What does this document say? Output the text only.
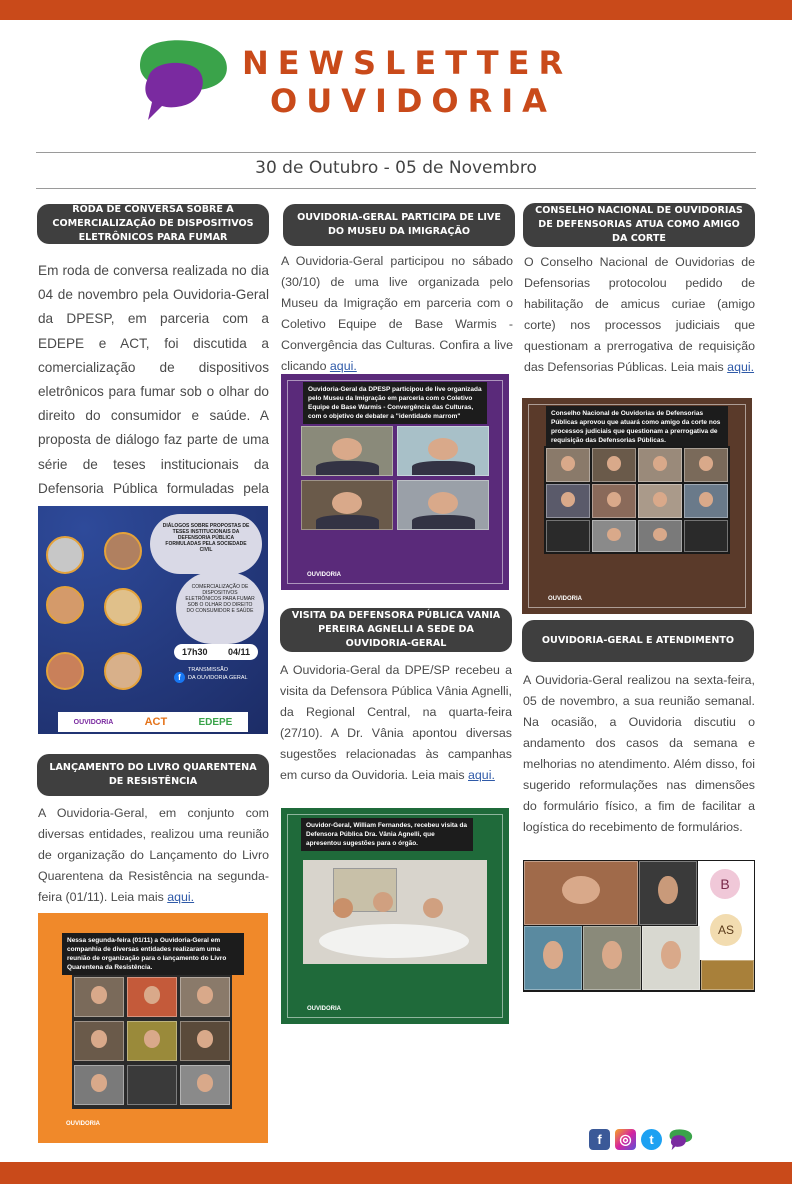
NEWSLETTER
OUVIDORIA
30 de Outubro - 05 de Novembro
RODA DE CONVERSA SOBRE A COMERCIALIZAÇÃO DE DISPOSITIVOS ELETRÔNICOS PARA FUMAR
Em roda de conversa realizada no dia 04 de novembro pela Ouvidoria-Geral da DPESP, em parceria com a EDEPE e ACT, foi discutida a comercialização de dispositivos eletrônicos para fumar sob o olhar do direito do consumidor e saúde. A proposta de diálogo faz parte de uma série de teses institucionais da Defensoria Pública formuladas pela
DIÁLOGOS SOBRE PROPOSTAS DE TESES INSTITUCIONAIS DA DEFENSORIA PÚBLICA FORMULADAS PELA SOCIEDADE CIVIL
COMERCIALIZAÇÃO DE DISPOSITIVOS ELETRÔNICOS PARA FUMAR SOB O OLHAR DO DIREITO DO CONSUMIDOR E SAÚDE
17h30 04/11
f
TRANSMISSÃO
DA OUVIDORIA GERAL
OUVIDORIA	ACT	EDEPE
LANÇAMENTO DO LIVRO QUARENTENA DE RESISTÊNCIA
A Ouvidoria-Geral, em conjunto com diversas entidades, realizou uma reunião de organização do Lançamento do Livro Quarentena da Resistência na segunda-feira (01/11). Leia mais aqui.
Nessa segunda-feira (01/11) a Ouvidoria-Geral em companhia de diversas entidades realizaram uma reunião de organização para o lançamento do Livro Quarentena da Resistência.
OUVIDORIA
OUVIDORIA-GERAL PARTICIPA DE LIVE DO MUSEU DA IMIGRAÇÃO
A Ouvidoria-Geral participou no sábado (30/10) de uma live organizada pelo Museu da Imigração em parceria com o Coletivo Equipe de Base Warmis - Convergência das Culturas. Confira a live clicando aqui.
Ouvidoria-Geral da DPESP participou de live organizada pelo Museu da Imigração em parceria com o Coletivo Equipe de Base Warmis - Convergência das Culturas, com o objetivo de debater a "identidade marrom"
OUVIDORIA
VISITA DA DEFENSORA PÚBLICA VANIA PEREIRA AGNELLI A SEDE DA OUVIDORIA-GERAL
A Ouvidoria-Geral da DPE/SP recebeu a visita da Defensora Pública Vânia Agnelli, da Regional Central, na quarta-feira (27/10). A Dr. Vânia apontou diversas sugestões relacionadas às campanhas em curso da Ouvidoria. Leia mais aqui.
Ouvidor-Geral, William Fernandes, recebeu visita da Defensora Pública Dra. Vânia Agnelli, que apresentou sugestões para o órgão.
OUVIDORIA
CONSELHO NACIONAL DE OUVIDORIAS DE DEFENSORIAS ATUA COMO AMIGO DA CORTE
O Conselho Nacional de Ouvidorias de Defensorias protocolou pedido de habilitação de amicus curiae (amigo corte) nos processos judiciais que questionam a prerrogativa de requisição das Defensorias Públicas. Leia mais aqui.
Conselho Nacional de Ouvidorias de Defensorias Públicas aprovou que atuará como amigo da corte nos processos judiciais que questionam a prerrogativa de requisição das Defensorias Públicas.
OUVIDORIA
OUVIDORIA-GERAL E ATENDIMENTO
A Ouvidoria-Geral realizou na sexta-feira, 05 de novembro, a sua reunião semanal. Na ocasião, a Ouvidoria discutiu o andamento dos casos da semana e melhorias no atendimento. Além disso, foi sugerido reformulações nas dimensões do formulário físico, a fim de facilitar a logística do recebimento de formulários.
B
AS
f	◎	t
